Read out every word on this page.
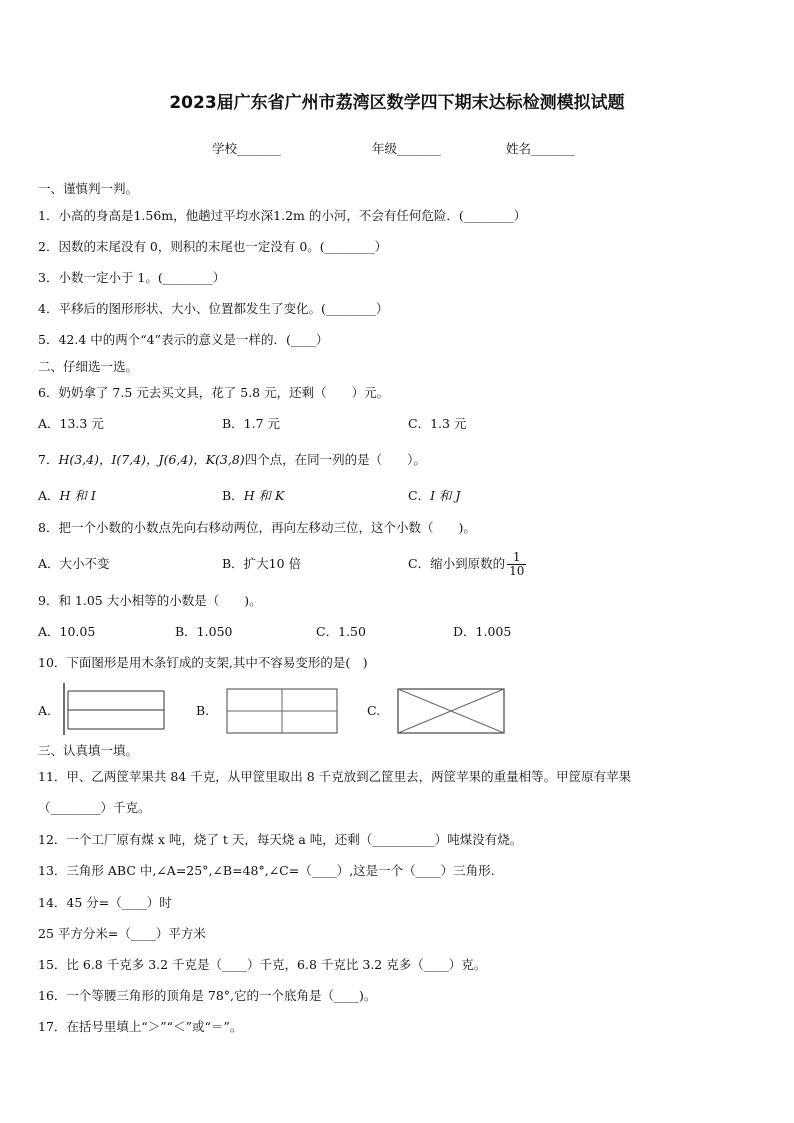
2023届广东省广州市荔湾区数学四下期末达标检测模拟试题
学校_______	年级_______	姓名_______
一、谨慎判一判。
1．小高的身高是1.56m，他趟过平均水深1.2m 的小河，不会有任何危险．(________）
2．因数的末尾没有 0，则积的末尾也一定没有 0。(________）
3．小数一定小于 1。(________）
4．平移后的图形形状、大小、位置都发生了变化。(________）
5．42.4 中的两个“4”表示的意义是一样的．(____）
二、仔细选一选。
6．奶奶拿了 7.5 元去买文具，花了 5.8 元，还剩（　　）元。
A．13.3 元	B．1.7 元	C．1.3 元
7．H(3,4)，I(7,4)，J(6,4)，K(3,8)四个点，在同一列的是（　　）。
A．H 和 I	B．H 和 K	C．I 和 J
8．把一个小数的小数点先向右移动两位，再向左移动三位，这个小数（　　)。
A．大小不变	B．扩大10 倍	C．缩小到原数的 $\frac{1}{10}$
9．和 1.05 大小相等的小数是（　　)。
A．10.05	B．1.050	C．1.50	D．1.005
10．下面图形是用木条钉成的支架,其中不容易变形的是(　)
A.	B.	C.
三、认真填一填。
11．甲、乙两筐苹果共 84 千克，从甲筐里取出 8 千克放到乙筐里去，两筐苹果的重量相等。甲筐原有苹果
（________）千克。
12．一个工厂原有煤 x 吨，烧了 t 天，每天烧 a 吨，还剩（__________）吨煤没有烧。
13．三角形 ABC 中,∠A=25°,∠B=48°,∠C=（____）,这是一个（____）三角形.
14．45 分=（____）时
25 平方分米=（____）平方米
15．比 6.8 千克多 3.2 千克是（____）千克，6.8 千克比 3.2 克多（____）克。
16．一个等腰三角形的顶角是 78°,它的一个底角是（____)。
17．在括号里填上“＞”“＜”或“＝”。
